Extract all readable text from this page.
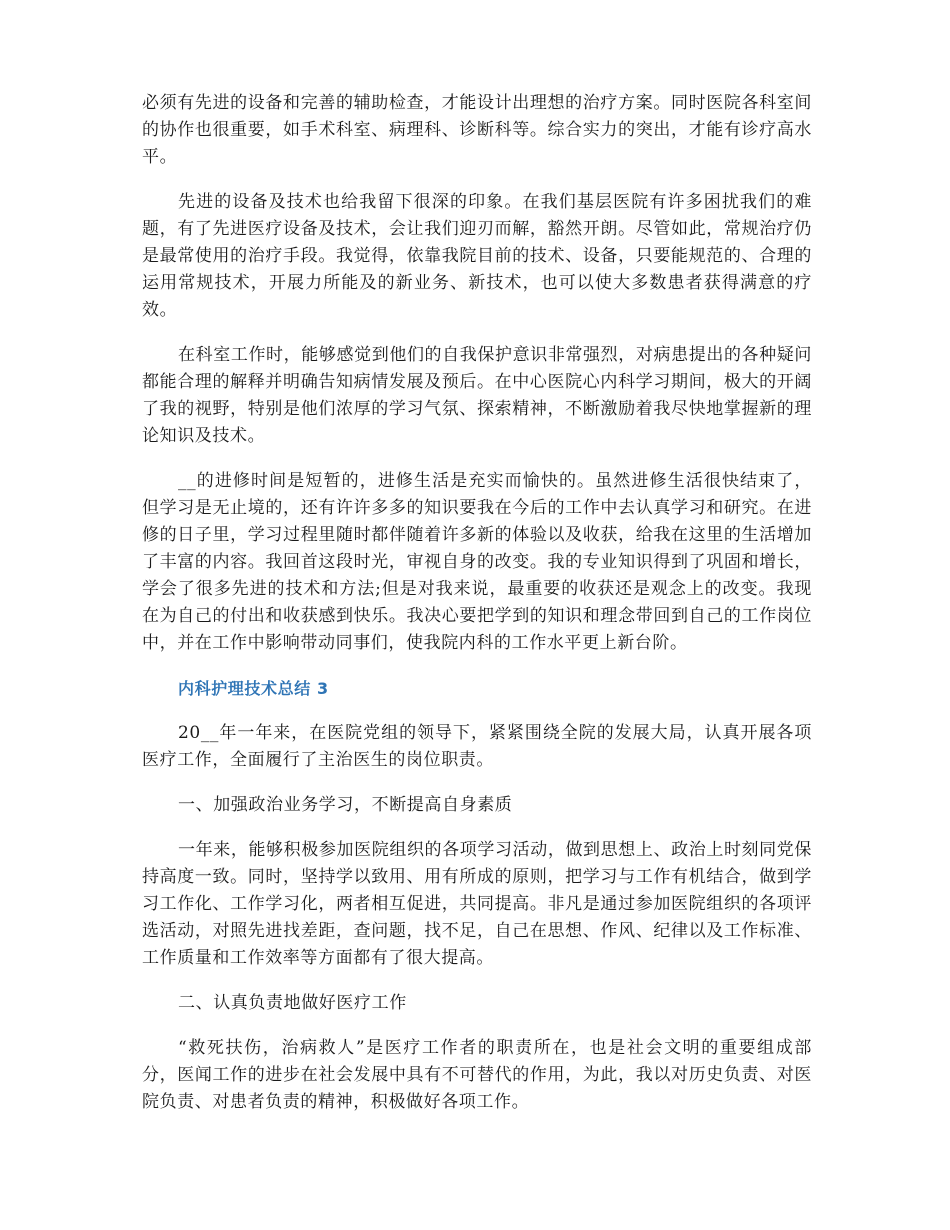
必须有先进的设备和完善的辅助检查，才能设计出理想的治疗方案。同时医院各科室间的协作也很重要，如手术科室、病理科、诊断科等。综合实力的突出，才能有诊疗高水平。

先进的设备及技术也给我留下很深的印象。在我们基层医院有许多困扰我们的难题，有了先进医疗设备及技术，会让我们迎刃而解，豁然开朗。尽管如此，常规治疗仍是最常使用的治疗手段。我觉得，依靠我院目前的技术、设备，只要能规范的、合理的运用常规技术，开展力所能及的新业务、新技术，也可以使大多数患者获得满意的疗效。

在科室工作时，能够感觉到他们的自我保护意识非常强烈，对病患提出的各种疑问都能合理的解释并明确告知病情发展及预后。在中心医院心内科学习期间，极大的开阔了我的视野，特别是他们浓厚的学习气氛、探索精神，不断激励着我尽快地掌握新的理论知识及技术。

__的进修时间是短暂的，进修生活是充实而愉快的。虽然进修生活很快结束了，但学习是无止境的，还有许许多多的知识要我在今后的工作中去认真学习和研究。在进修的日子里，学习过程里随时都伴随着许多新的体验以及收获，给我在这里的生活增加了丰富的内容。我回首这段时光，审视自身的改变。我的专业知识得到了巩固和增长，学会了很多先进的技术和方法;但是对我来说，最重要的收获还是观念上的改变。我现在为自己的付出和收获感到快乐。我决心要把学到的知识和理念带回到自己的工作岗位中，并在工作中影响带动同事们，使我院内科的工作水平更上新台阶。

内科护理技术总结 3

20__年一年来，在医院党组的领导下，紧紧围绕全院的发展大局，认真开展各项医疗工作，全面履行了主治医生的岗位职责。

一、加强政治业务学习，不断提高自身素质

一年来，能够积极参加医院组织的各项学习活动，做到思想上、政治上时刻同党保持高度一致。同时，坚持学以致用、用有所成的原则，把学习与工作有机结合，做到学习工作化、工作学习化，两者相互促进，共同提高。非凡是通过参加医院组织的各项评选活动，对照先进找差距，查问题，找不足，自己在思想、作风、纪律以及工作标准、工作质量和工作效率等方面都有了很大提高。

二、认真负责地做好医疗工作

“救死扶伤，治病救人”是医疗工作者的职责所在，也是社会文明的重要组成部分，医闻工作的进步在社会发展中具有不可替代的作用，为此，我以对历史负责、对医院负责、对患者负责的精神，积极做好各项工作。
